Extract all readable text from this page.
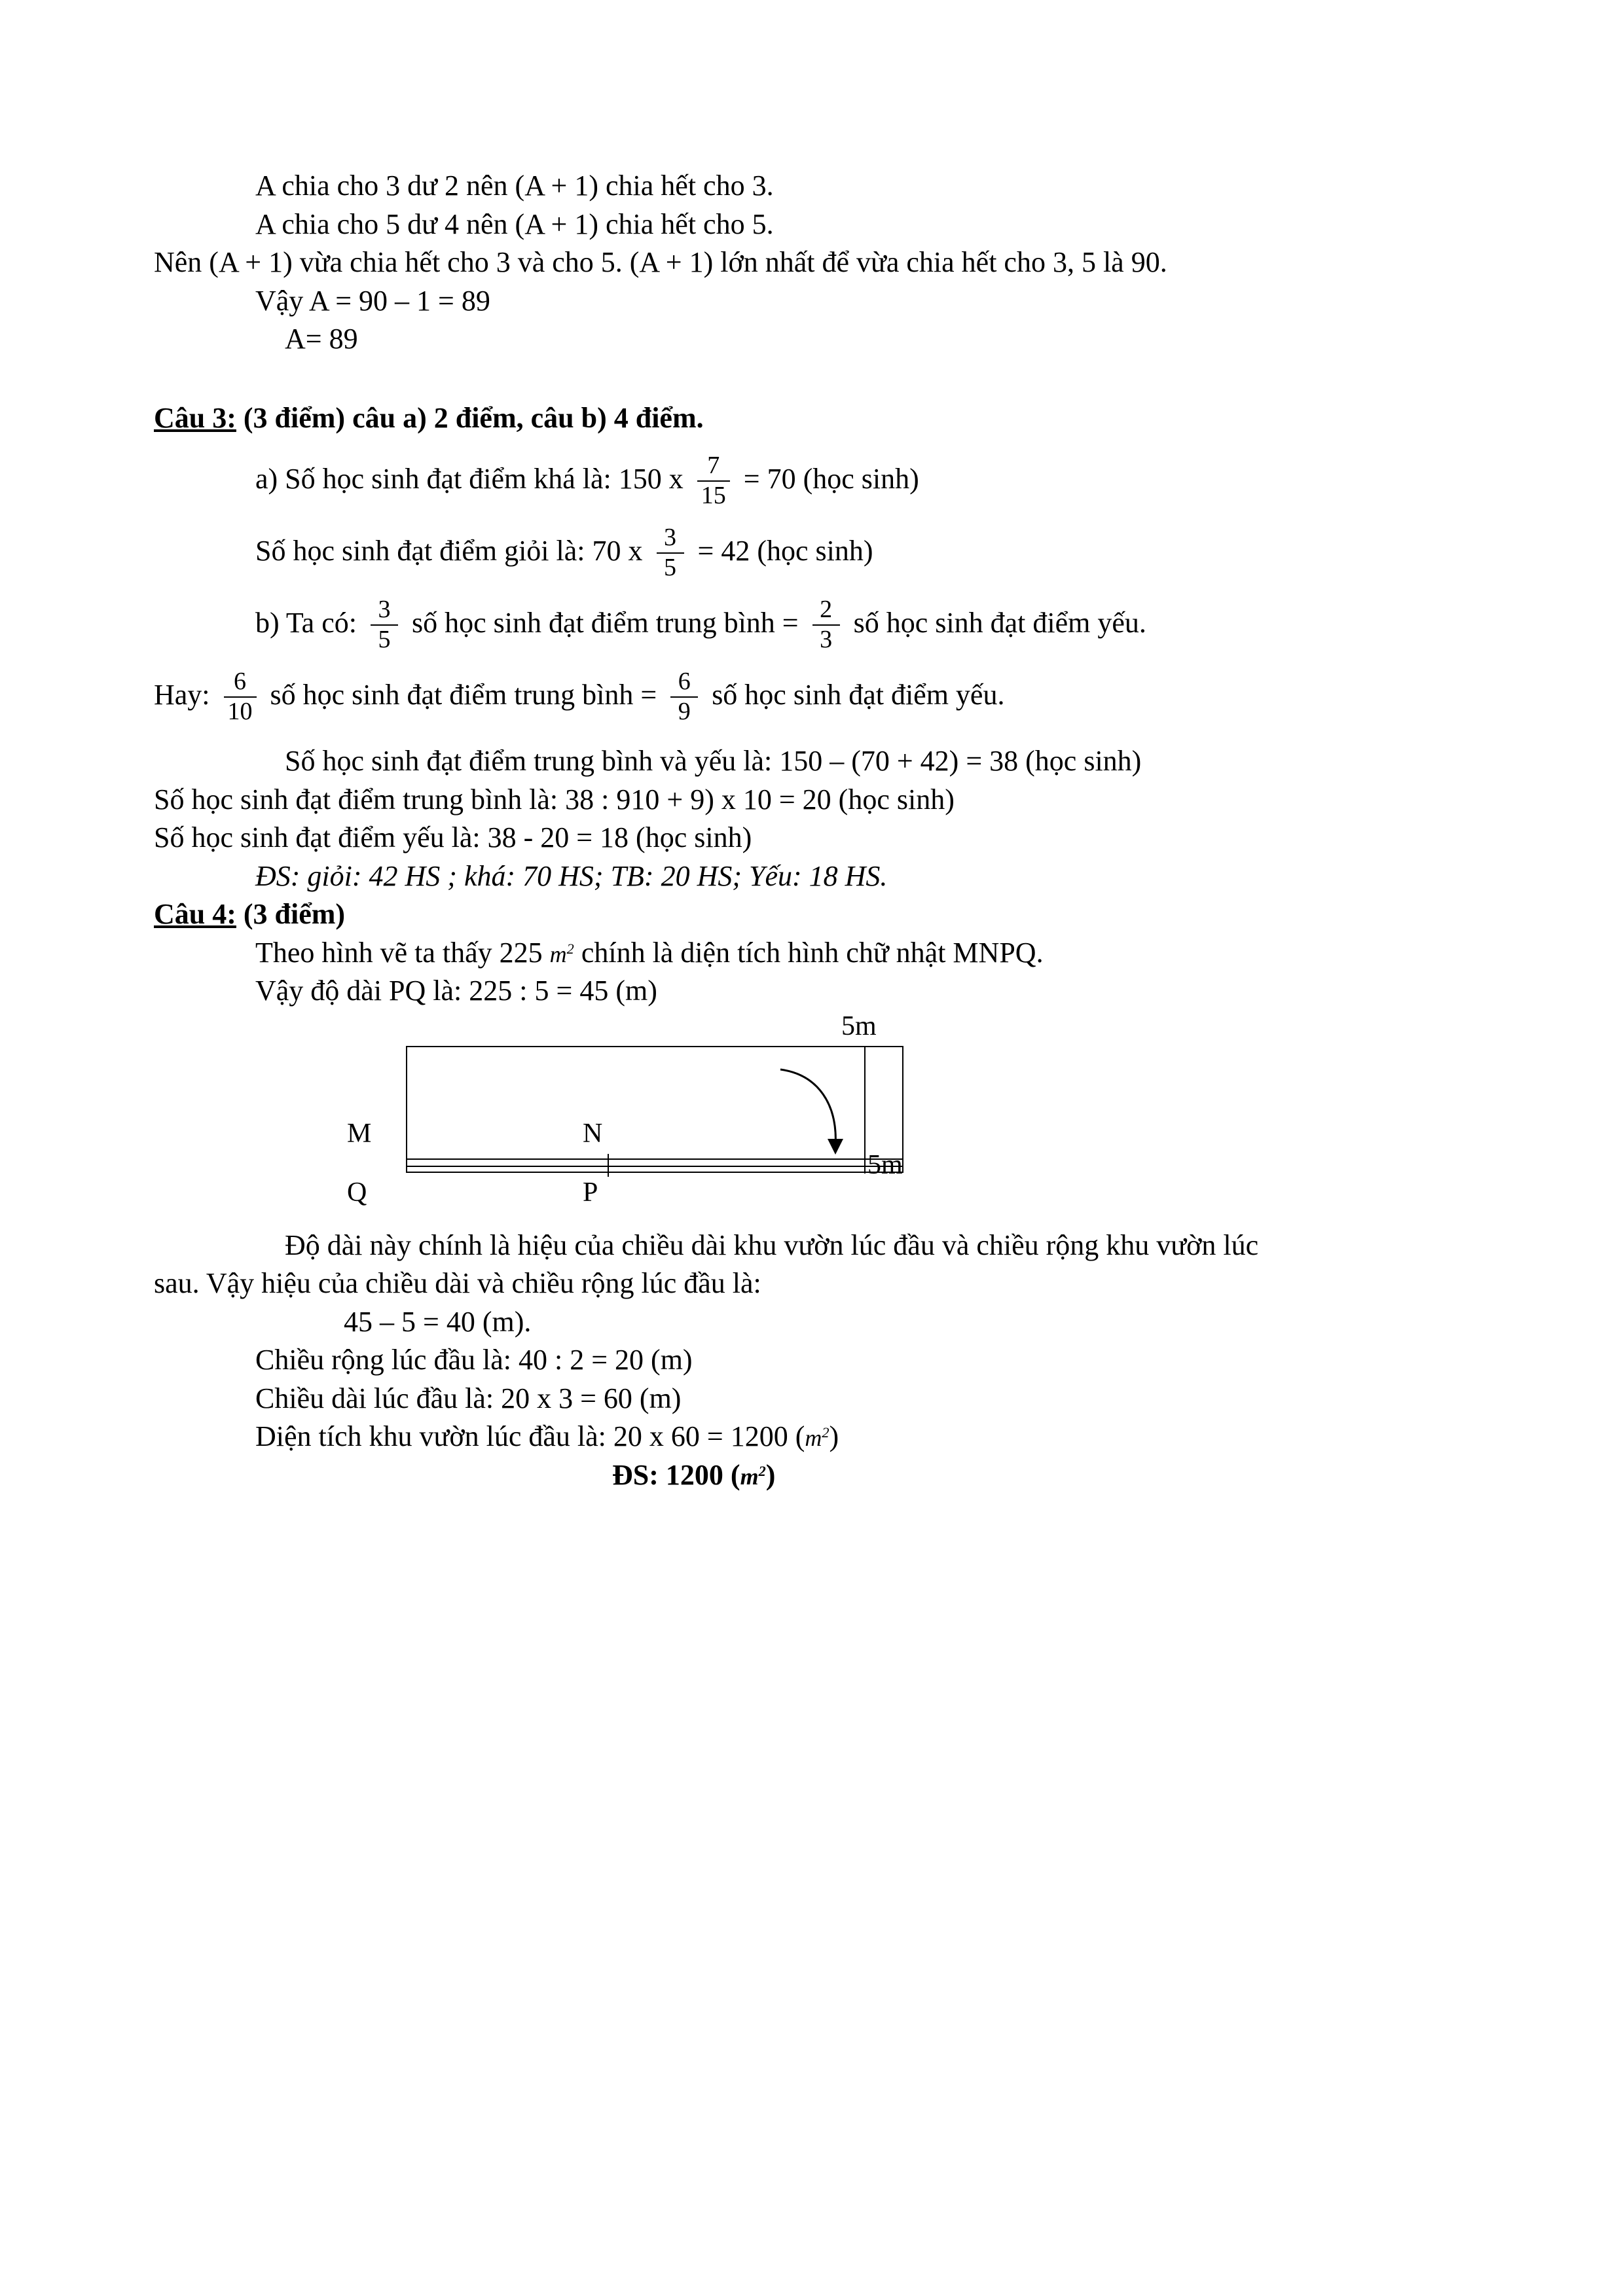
A chia cho 3 dư 2 nên (A + 1) chia hết cho 3.
A chia cho 5 dư 4 nên (A + 1) chia hết cho 5.
Nên (A + 1) vừa chia hết cho 3 và cho 5. (A + 1) lớn nhất để vừa chia hết cho 3, 5 là 90.
Vậy A = 90 – 1 = 89
A= 89
Câu 3: (3 điểm) câu a) 2 điểm, câu b) 4 điểm.
a) Số học sinh đạt điểm khá là: 150 x $\frac{7}{15} = 70$ (học sinh)
Số học sinh đạt điểm giỏi là: 70 x $\frac{3}{5} = 42$ (học sinh)
b) Ta có: $\frac{3}{5}$ số học sinh đạt điểm trung bình = $\frac{2}{3}$ số học sinh đạt điểm yếu.
Hay: $\frac{6}{10}$ số học sinh đạt điểm trung bình = $\frac{6}{9}$ số học sinh đạt điểm yếu.
Số học sinh đạt điểm trung bình và yếu là: 150 – (70 + 42) = 38 (học sinh)
Số học sinh đạt điểm trung bình là: 38 : 910 + 9) x 10 = 20 (học sinh)
Số học sinh đạt điểm yếu là: 38 - 20 = 18 (học sinh)
ĐS: giỏi: 42 HS ; khá: 70 HS; TB: 20 HS; Yếu: 18 HS.
Câu 4: (3 điểm)
Theo hình vẽ ta thấy 225 $m^2$ chính là diện tích hình chữ nhật MNPQ.
Vậy độ dài PQ là: 225 : 5 = 45 (m)
5m
5m
M	N
Q	P
Độ dài này chính là hiệu của chiều dài khu vườn lúc đầu và chiều rộng khu vườn lúc
sau. Vậy hiệu của chiều dài và chiều rộng lúc đầu là:
45 – 5 = 40 (m).
Chiều rộng lúc đầu là: 40 : 2 = 20 (m)
Chiều dài lúc đầu là: 20 x 3 = 60 (m)
Diện tích khu vườn lúc đầu là: 20 x 60 = 1200 $(m^2)$
ĐS: 1200 $(m^2)$
